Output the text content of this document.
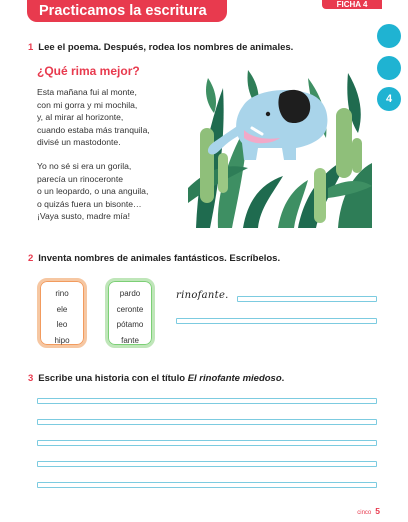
Practicamos la escritura	FICHA 4
4
1 Lee el poema. Después, rodea los nombres de animales.
¿Qué rima mejor?
Esta mañana fui al monte,
con mi gorra y mi mochila,
y, al mirar al horizonte,
cuando estaba más tranquila,
divisé un mastodonte.
Yo no sé si era un gorila,
parecía un rinoceronte
o un leopardo, o una anguila,
o quizás fuera un bisonte…
¡Vaya susto, madre mía!
2 Inventa nombres de animales fantásticos. Escríbelos.
rino
ele
leo
hipo
pardo
ceronte
pótamo
fante
rinofante.
3 Escribe una historia con el título El rinofante miedoso.
cinco 5
